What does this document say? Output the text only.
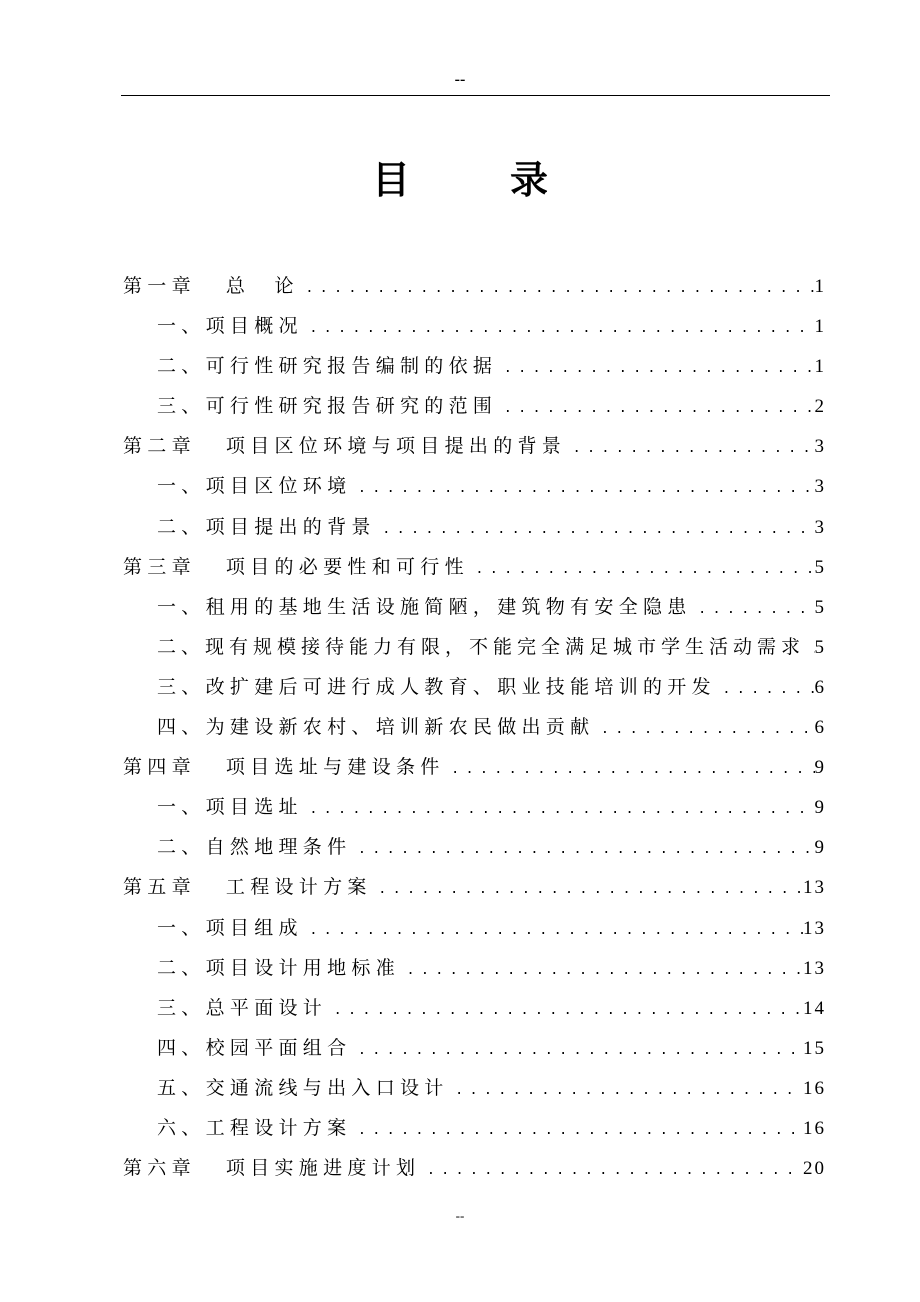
--
目录
第一章 总　论 . . .	1
一、项目概况 . . .	1
二、可行性研究报告编制的依据 . . .	1
三、可行性研究报告研究的范围 . . .	2
第二章 项目区位环境与项目提出的背景 . . .	3
一、项目区位环境 . . .	3
二、项目提出的背景 . . .	3
第三章 项目的必要性和可行性 . . .	5
一、租用的基地生活设施简陋，建筑物有安全隐患 . . .	5
二、现有规模接待能力有限，不能完全满足城市学生活动需求 . . . 5
三、改扩建后可进行成人教育、职业技能培训的开发 . . .	6
四、为建设新农村、培训新农民做出贡献 . . .	6
第四章 项目选址与建设条件 . . .	9
一、项目选址 . . .	9
二、自然地理条件 . . .	9
第五章 工程设计方案 . . .	13
一、项目组成 . . .	13
二、项目设计用地标准 . . .	13
三、总平面设计 . . .	14
四、校园平面组合 . . .	15
五、交通流线与出入口设计 . . .	16
六、工程设计方案 . . .	16
第六章 项目实施进度计划 . . .	20
--
